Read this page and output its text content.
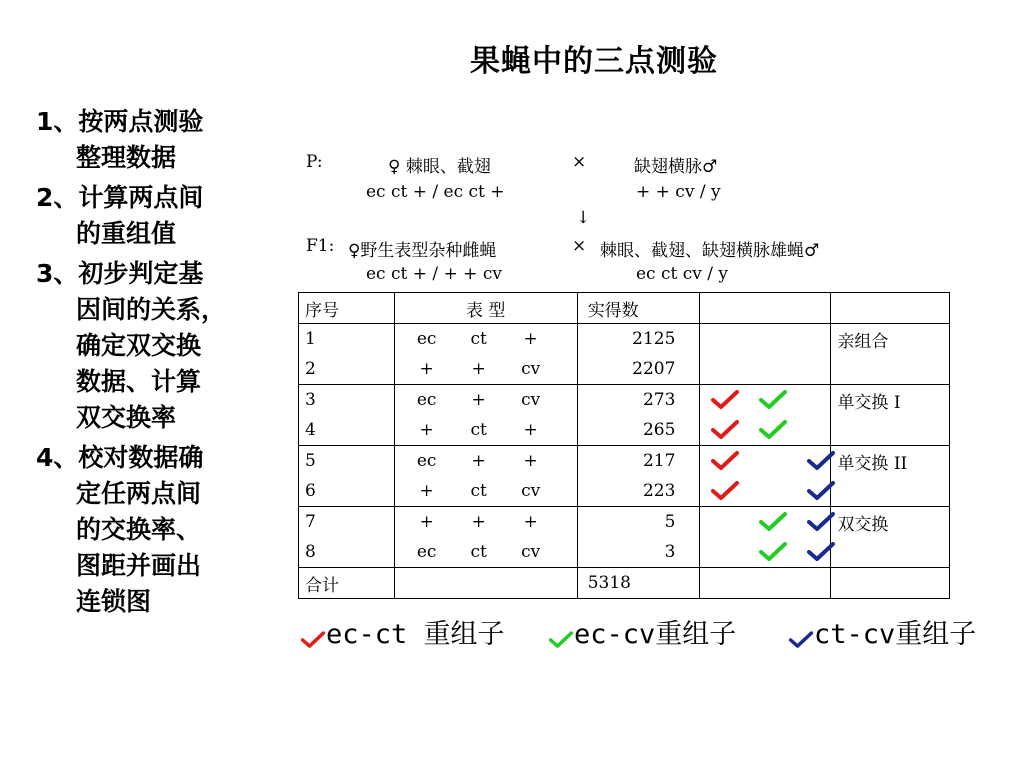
果蝇中的三点测验
1、按两点测验
整理数据
2、计算两点间
的重组值
3、初步判定基
因间的关系，
确定双交换
数据、计算
双交换率
4、校对数据确
定任两点间
的交换率、
图距并画出
连锁图
P:	♀ 棘眼、截翅	×	缺翅横脉♂
ec ct + / ec ct +	+ + cv / y
↓
F1: ♀野生表型杂种雌蝇	× 棘眼、截翅、缺翅横脉雄蝇♂
ec ct + / + + cv	ec ct cv / y
序号	表 型	实得数		
1	ec ct +	2125		亲组合
2	+ + cv	2207	

3	ec + cv	273		单交换 I
4	+ ct +	265	

5	ec + +	217		单交换 II
6	+ ct cv	223	

7	+ + +	5		双交换
8	ec ct cv	3	

合计		5318		
ec-ct 重组子	ec-cv重组子	ct-cv重组子
